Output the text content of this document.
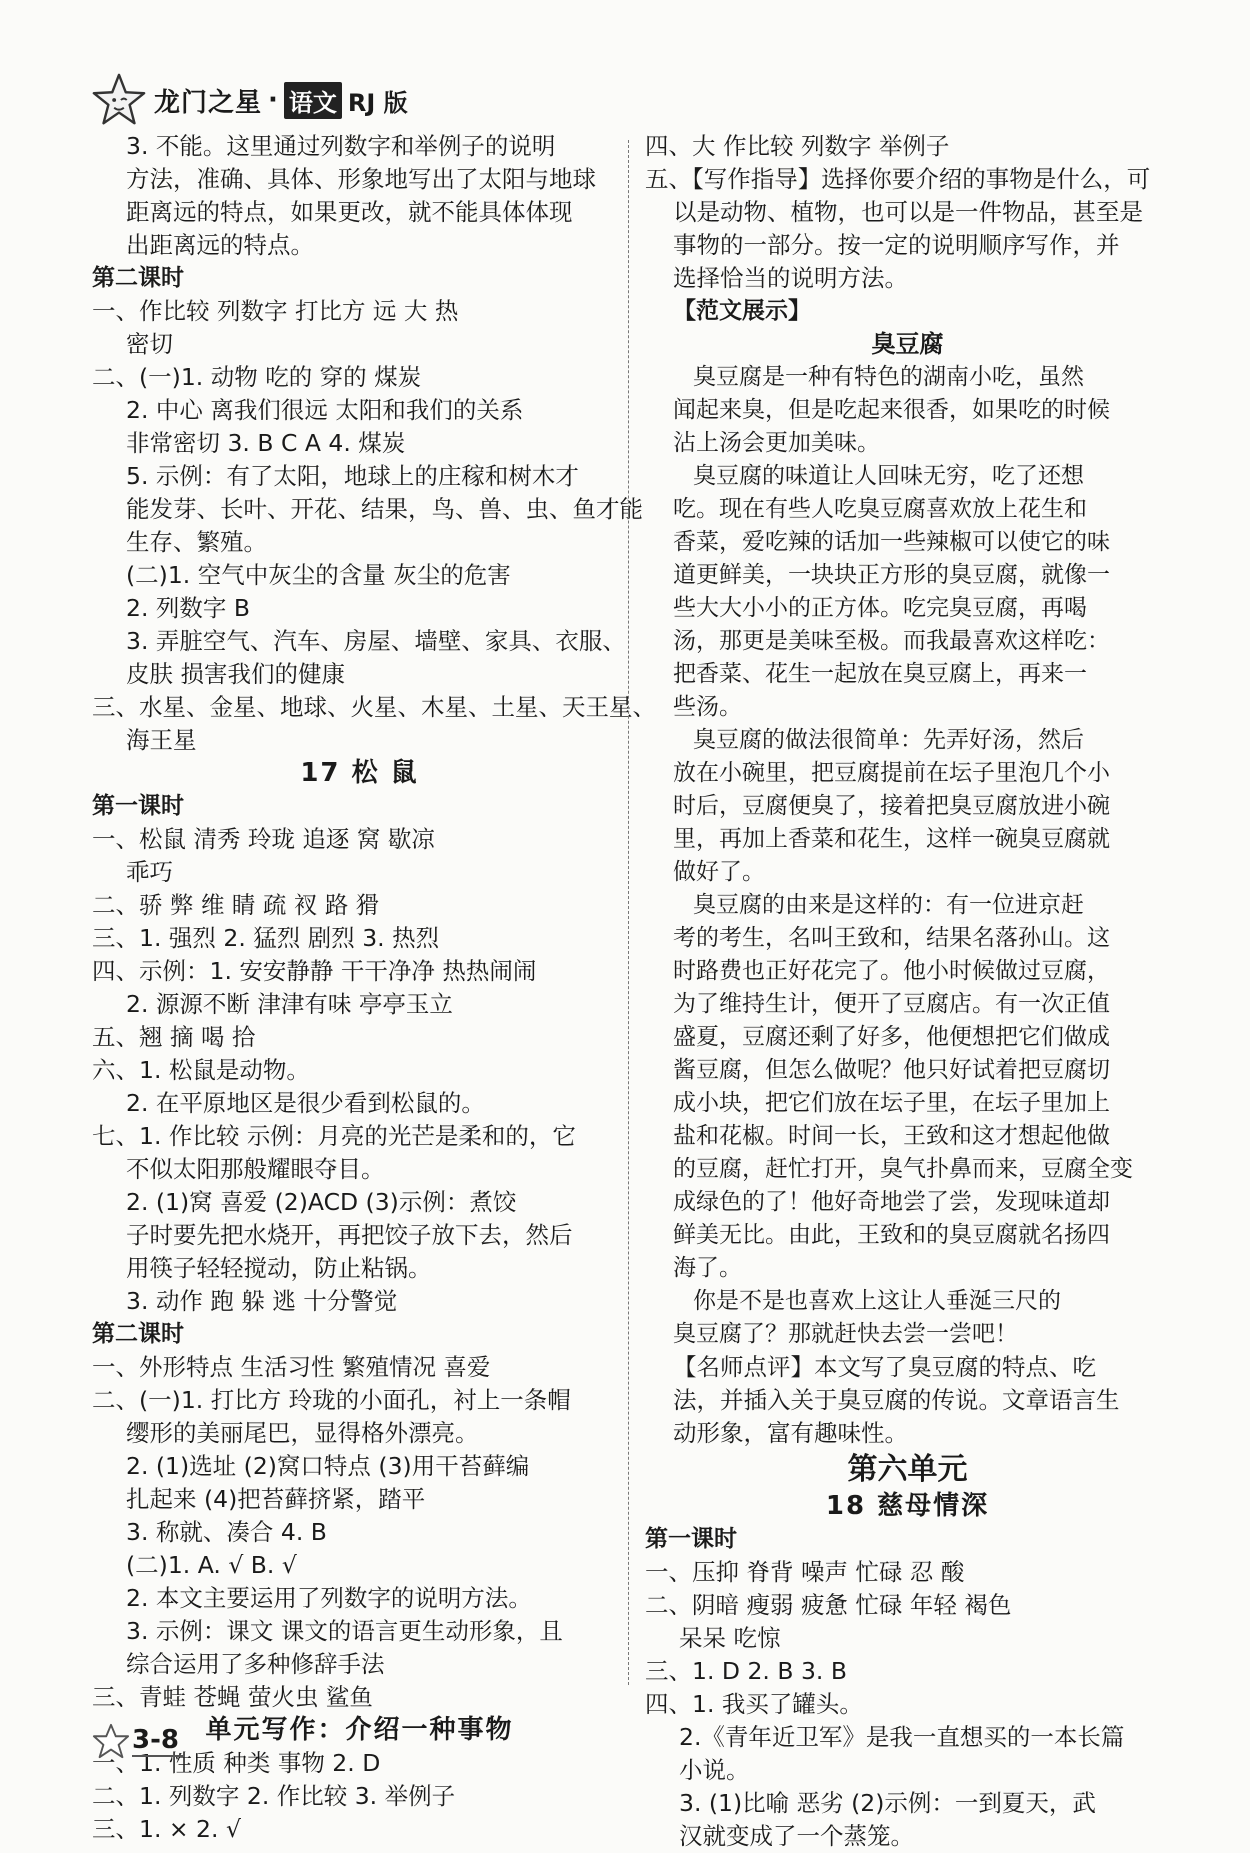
龙门之星 · 语文 RJ 版
3. 不能。这里通过列数字和举例子的说明
方法，准确、具体、形象地写出了太阳与地球
距离远的特点，如果更改，就不能具体体现
出距离远的特点。
第二课时
一、作比较 列数字 打比方 远 大 热
密切
二、(一)1. 动物 吃的 穿的 煤炭
2. 中心 离我们很远 太阳和我们的关系
非常密切 3. B C A 4. 煤炭
5. 示例：有了太阳，地球上的庄稼和树木才
能发芽、长叶、开花、结果，鸟、兽、虫、鱼才能
生存、繁殖。
(二)1. 空气中灰尘的含量 灰尘的危害
2. 列数字 B
3. 弄脏空气、汽车、房屋、墙壁、家具、衣服、
皮肤 损害我们的健康
三、水星、金星、地球、火星、木星、土星、天王星、
海王星
17 松 鼠
第一课时
一、松鼠 清秀 玲珑 追逐 窝 歇凉
乖巧
二、骄 弊 维 睛 疏 衩 路 猾
三、1. 强烈 2. 猛烈 剧烈 3. 热烈
四、示例：1. 安安静静 干干净净 热热闹闹
2. 源源不断 津津有味 亭亭玉立
五、翘 摘 喝 拾
六、1. 松鼠是动物。
2. 在平原地区是很少看到松鼠的。
七、1. 作比较 示例：月亮的光芒是柔和的，它
不似太阳那般耀眼夺目。
2. (1)窝 喜爱 (2)ACD (3)示例：煮饺
子时要先把水烧开，再把饺子放下去，然后
用筷子轻轻搅动，防止粘锅。
3. 动作 跑 躲 逃 十分警觉
第二课时
一、外形特点 生活习性 繁殖情况 喜爱
二、(一)1. 打比方 玲珑的小面孔，衬上一条帽
缨形的美丽尾巴，显得格外漂亮。
2. (1)选址 (2)窝口特点 (3)用干苔藓编
扎起来 (4)把苔藓挤紧，踏平
3. 称就、凑合 4. B
(二)1. A. √ B. √
2. 本文主要运用了列数字的说明方法。
3. 示例：课文 课文的语言更生动形象，且
综合运用了多种修辞手法
三、青蛙 苍蝇 萤火虫 鲨鱼
单元写作：介绍一种事物
一、1. 性质 种类 事物 2. D
二、1. 列数字 2. 作比较 3. 举例子
三、1. × 2. √
四、大 作比较 列数字 举例子
五、【写作指导】选择你要介绍的事物是什么，可
以是动物、植物，也可以是一件物品，甚至是
事物的一部分。按一定的说明顺序写作，并
选择恰当的说明方法。
【范文展示】
臭豆腐
臭豆腐是一种有特色的湖南小吃，虽然
闻起来臭，但是吃起来很香，如果吃的时候
沾上汤会更加美味。
臭豆腐的味道让人回味无穷，吃了还想
吃。现在有些人吃臭豆腐喜欢放上花生和
香菜，爱吃辣的话加一些辣椒可以使它的味
道更鲜美，一块块正方形的臭豆腐，就像一
些大大小小的正方体。吃完臭豆腐，再喝
汤，那更是美味至极。而我最喜欢这样吃：
把香菜、花生一起放在臭豆腐上，再来一
些汤。
臭豆腐的做法很简单：先弄好汤，然后
放在小碗里，把豆腐提前在坛子里泡几个小
时后，豆腐便臭了，接着把臭豆腐放进小碗
里，再加上香菜和花生，这样一碗臭豆腐就
做好了。
臭豆腐的由来是这样的：有一位进京赶
考的考生，名叫王致和，结果名落孙山。这
时路费也正好花完了。他小时候做过豆腐，
为了维持生计，便开了豆腐店。有一次正值
盛夏，豆腐还剩了好多，他便想把它们做成
酱豆腐，但怎么做呢？他只好试着把豆腐切
成小块，把它们放在坛子里，在坛子里加上
盐和花椒。时间一长，王致和这才想起他做
的豆腐，赶忙打开，臭气扑鼻而来，豆腐全变
成绿色的了！他好奇地尝了尝，发现味道却
鲜美无比。由此，王致和的臭豆腐就名扬四
海了。
你是不是也喜欢上这让人垂涎三尺的
臭豆腐了？那就赶快去尝一尝吧！
【名师点评】本文写了臭豆腐的特点、吃
法，并插入关于臭豆腐的传说。文章语言生
动形象，富有趣味性。
第六单元
18 慈母情深
第一课时
一、压抑 脊背 噪声 忙碌 忍 酸
二、阴暗 瘦弱 疲惫 忙碌 年轻 褐色
呆呆 吃惊
三、1. D 2. B 3. B
四、1. 我买了罐头。
2.《青年近卫军》是我一直想买的一本长篇
小说。
3. (1)比喻 恶劣 (2)示例：一到夏天，武
汉就变成了一个蒸笼。
3-8
